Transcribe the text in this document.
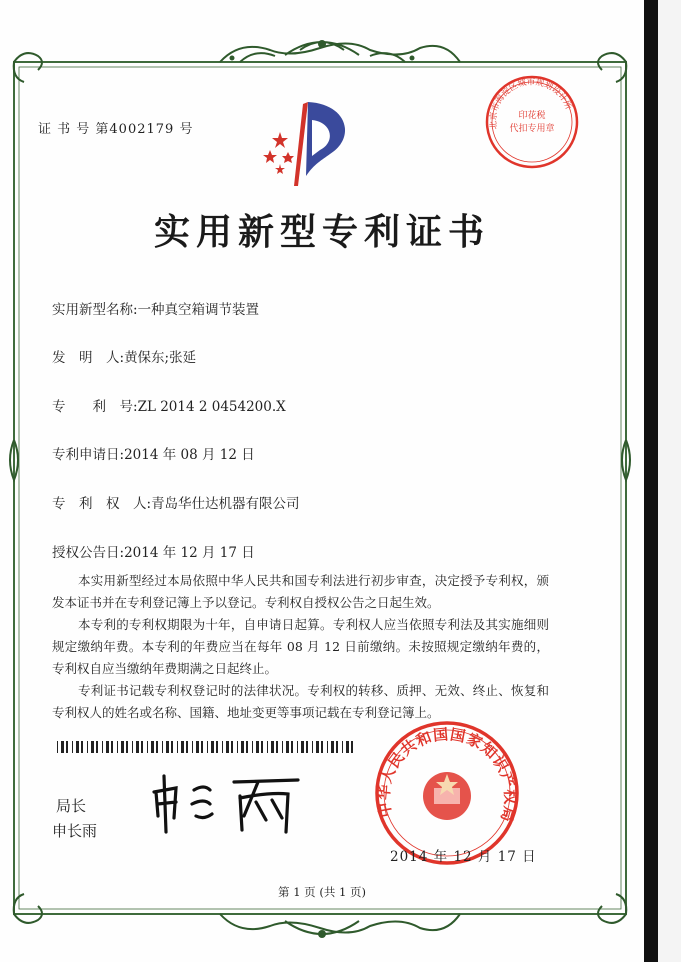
证 书 号 第4002179 号
印花税
代扣专用章
北京市海淀区城市规划设计所
实用新型专利证书
实用新型名称:一种真空箱调节装置
发　明　人:黄保东;张延
专　　利　号:ZL 2014 2 0454200.X
专利申请日:2014 年 08 月 12 日
专　利　权　人:青岛华仕达机器有限公司
授权公告日:2014 年 12 月 17 日
本实用新型经过本局依照中华人民共和国专利法进行初步审查，决定授予专利权，颁发本证书并在专利登记簿上予以登记。专利权自授权公告之日起生效。
本专利的专利权期限为十年，自申请日起算。专利权人应当依照专利法及其实施细则规定缴纳年费。本专利的年费应当在每年 08 月 12 日前缴纳。未按照规定缴纳年费的，专利权自应当缴纳年费期满之日起终止。
专利证书记载专利权登记时的法律状况。专利权的转移、质押、无效、终止、恢复和专利权人的姓名或名称、国籍、地址变更等事项记载在专利登记簿上。
局长
申长雨
中华人民共和国国家知识产权局
2014 年 12 月 17 日
第 1 页 (共 1 页)
